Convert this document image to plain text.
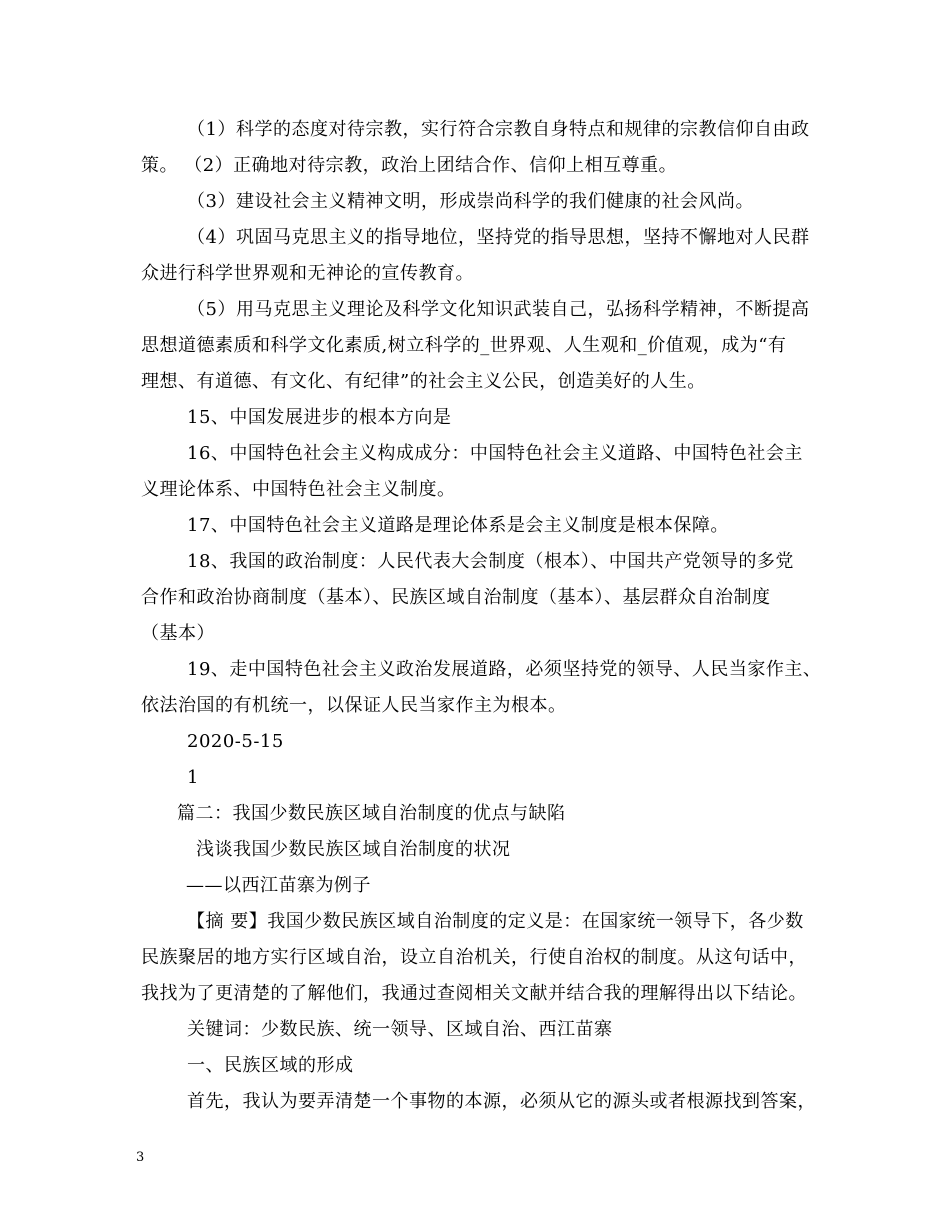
（1）科学的态度对待宗教，实行符合宗教自身特点和规律的宗教信仰自由政
策。 （2）正确地对待宗教，政治上团结合作、信仰上相互尊重。
（3）建设社会主义精神文明，形成崇尚科学的我们健康的社会风尚。
（4）巩固马克思主义的指导地位，坚持党的指导思想，坚持不懈地对人民群
众进行科学世界观和无神论的宣传教育。
（5）用马克思主义理论及科学文化知识武装自己，弘扬科学精神，不断提高
思想道德素质和科学文化素质,树立科学的_世界观、人生观和_价值观，成为“有
理想、有道德、有文化、有纪律”的社会主义公民，创造美好的人生。
15、中国发展进步的根本方向是
16、中国特色社会主义构成成分：中国特色社会主义道路、中国特色社会主
义理论体系、中国特色社会主义制度。
17、中国特色社会主义道路是理论体系是会主义制度是根本保障。
18、我国的政治制度：人民代表大会制度（根本）、中国共产党领导的多党
合作和政治协商制度（基本）、民族区域自治制度（基本）、基层群众自治制度
（基本）
19、走中国特色社会主义政治发展道路，必须坚持党的领导、人民当家作主、
依法治国的有机统一，以保证人民当家作主为根本。
2020-5-15
1
篇二：我国少数民族区域自治制度的优点与缺陷
浅谈我国少数民族区域自治制度的状况
——以西江苗寨为例子
【摘 要】我国少数民族区域自治制度的定义是：在国家统一领导下，各少数
民族聚居的地方实行区域自治，设立自治机关，行使自治权的制度。从这句话中，
我找为了更清楚的了解他们，我通过查阅相关文献并结合我的理解得出以下结论。
关键词：少数民族、统一领导、区域自治、西江苗寨
一、民族区域的形成
首先，我认为要弄清楚一个事物的本源，必须从它的源头或者根源找到答案，
3
